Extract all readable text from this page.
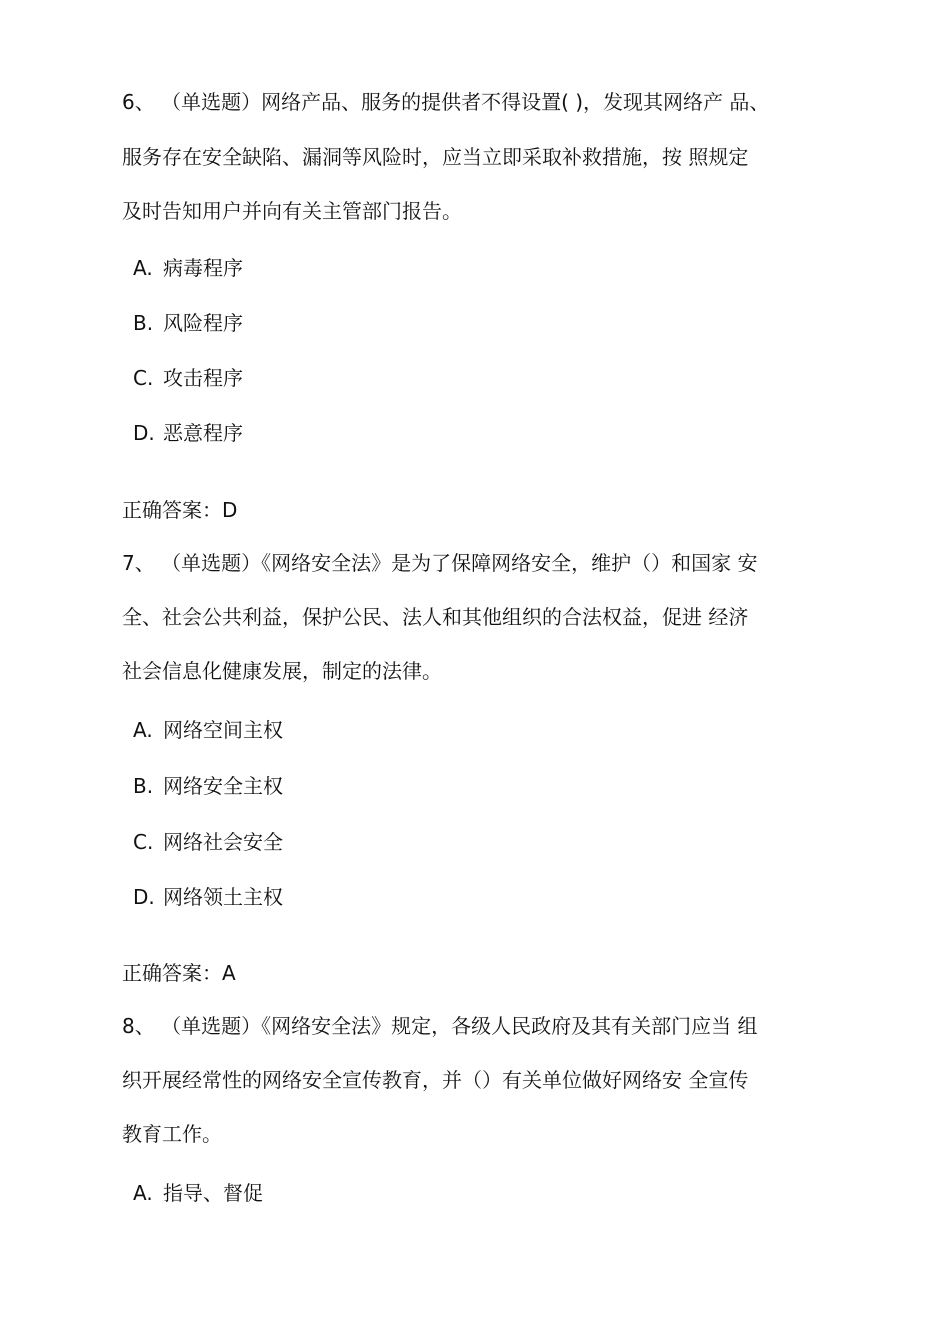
6、 （单选题）网络产品、服务的提供者不得设置( )，发现其网络产 品、
服务存在安全缺陷、漏洞等风险时，应当立即采取补救措施，按 照规定
及时告知用户并向有关主管部门报告。
A. 病毒程序
B. 风险程序
C. 攻击程序
D. 恶意程序
正确答案：D
7、 （单选题）《网络安全法》是为了保障网络安全，维护（）和国家 安
全、社会公共利益，保护公民、法人和其他组织的合法权益，促进 经济
社会信息化健康发展，制定的法律。
A. 网络空间主权
B. 网络安全主权
C. 网络社会安全
D. 网络领土主权
正确答案：A
8、 （单选题）《网络安全法》规定，各级人民政府及其有关部门应当 组
织开展经常性的网络安全宣传教育，并（）有关单位做好网络安 全宣传
教育工作。
A. 指导、督促
